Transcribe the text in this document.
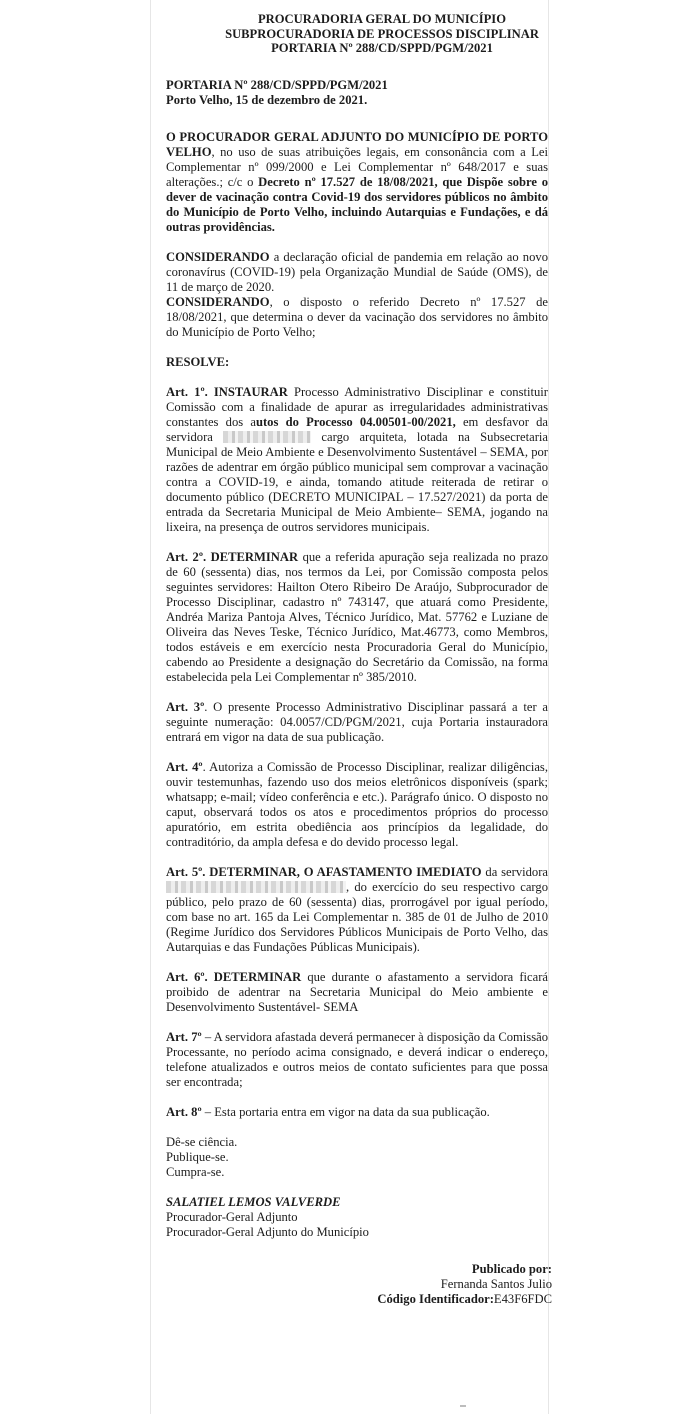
PROCURADORIA GERAL DO MUNICÍPIO
SUBPROCURADORIA DE PROCESSOS DISCIPLINAR
PORTARIA Nº 288/CD/SPPD/PGM/2021

PORTARIA Nº 288/CD/SPPD/PGM/2021

Porto Velho, 15 de dezembro de 2021.

O PROCURADOR GERAL ADJUNTO DO MUNICÍPIO DE PORTO VELHO, no uso de suas atribuições legais, em consonância com a Lei Complementar nº 099/2000 e Lei Complementar nº 648/2017 e suas alterações.; c/c o Decreto nº 17.527 de 18/08/2021, que Dispõe sobre o dever de vacinação contra Covid-19 dos servidores públicos no âmbito do Município de Porto Velho, incluindo Autarquias e Fundações, e dá outras providências.

CONSIDERANDO a declaração oficial de pandemia em relação ao novo coronavírus (COVID-19) pela Organização Mundial de Saúde (OMS), de 11 de março de 2020.

CONSIDERANDO, o disposto o referido Decreto nº 17.527 de 18/08/2021, que determina o dever da vacinação dos servidores no âmbito do Município de Porto Velho;

RESOLVE:

Art. 1º. INSTAURAR Processo Administrativo Disciplinar e constituir Comissão com a finalidade de apurar as irregularidades administrativas constantes dos autos do Processo 04.00501-00/2021, em desfavor da servidora	cargo arquiteta, lotada na Subsecretaria Municipal de Meio Ambiente e Desenvolvimento Sustentável – SEMA, por razões de adentrar em órgão público municipal sem comprovar a vacinação contra a COVID-19, e ainda, tomando atitude reiterada de retirar o documento público (DECRETO MUNICIPAL – 17.527/2021) da porta de entrada da Secretaria Municipal de Meio Ambiente– SEMA, jogando na lixeira, na presença de outros servidores municipais.

Art. 2º. DETERMINAR que a referida apuração seja realizada no prazo de 60 (sessenta) dias, nos termos da Lei, por Comissão composta pelos seguintes servidores: Hailton Otero Ribeiro De Araújo, Subprocurador de Processo Disciplinar, cadastro nº 743147, que atuará como Presidente, Andréa Mariza Pantoja Alves, Técnico Jurídico, Mat. 57762 e Luziane de Oliveira das Neves Teske, Técnico Jurídico, Mat.46773, como Membros, todos estáveis e em exercício nesta Procuradoria Geral do Município, cabendo ao Presidente a designação do Secretário da Comissão, na forma estabelecida pela Lei Complementar nº 385/2010.

Art. 3º. O presente Processo Administrativo Disciplinar passará a ter a seguinte numeração: 04.0057/CD/PGM/2021, cuja Portaria instauradora entrará em vigor na data de sua publicação.

Art. 4º. Autoriza a Comissão de Processo Disciplinar, realizar diligências, ouvir testemunhas, fazendo uso dos meios eletrônicos disponíveis (spark; whatsapp; e-mail; vídeo conferência e etc.). Parágrafo único. O disposto no caput, observará todos os atos e procedimentos próprios do processo apuratório, em estrita obediência aos princípios da legalidade, do contraditório, da ampla defesa e do devido processo legal.

Art. 5º. DETERMINAR, O AFASTAMENTO IMEDIATO da servidora, do exercício do seu respectivo cargo público, pelo prazo de 60 (sessenta) dias, prorrogável por igual período, com base no art. 165 da Lei Complementar n. 385 de 01 de Julho de 2010 (Regime Jurídico dos Servidores Públicos Municipais de Porto Velho, das Autarquias e das Fundações Públicas Municipais).

Art. 6º. DETERMINAR que durante o afastamento a servidora ficará proibido de adentrar na Secretaria Municipal do Meio ambiente e Desenvolvimento Sustentável- SEMA

Art. 7º – A servidora afastada deverá permanecer à disposição da Comissão Processante, no período acima consignado, e deverá indicar o endereço, telefone atualizados e outros meios de contato suficientes para que possa ser encontrada;

Art. 8º – Esta portaria entra em vigor na data da sua publicação.

Dê-se ciência.

Publique-se.

Cumpra-se.

SALATIEL LEMOS VALVERDE

Procurador-Geral Adjunto

Procurador-Geral Adjunto do Município

Publicado por:
Fernanda Santos Julio
Código Identificador:E43F6FDC
